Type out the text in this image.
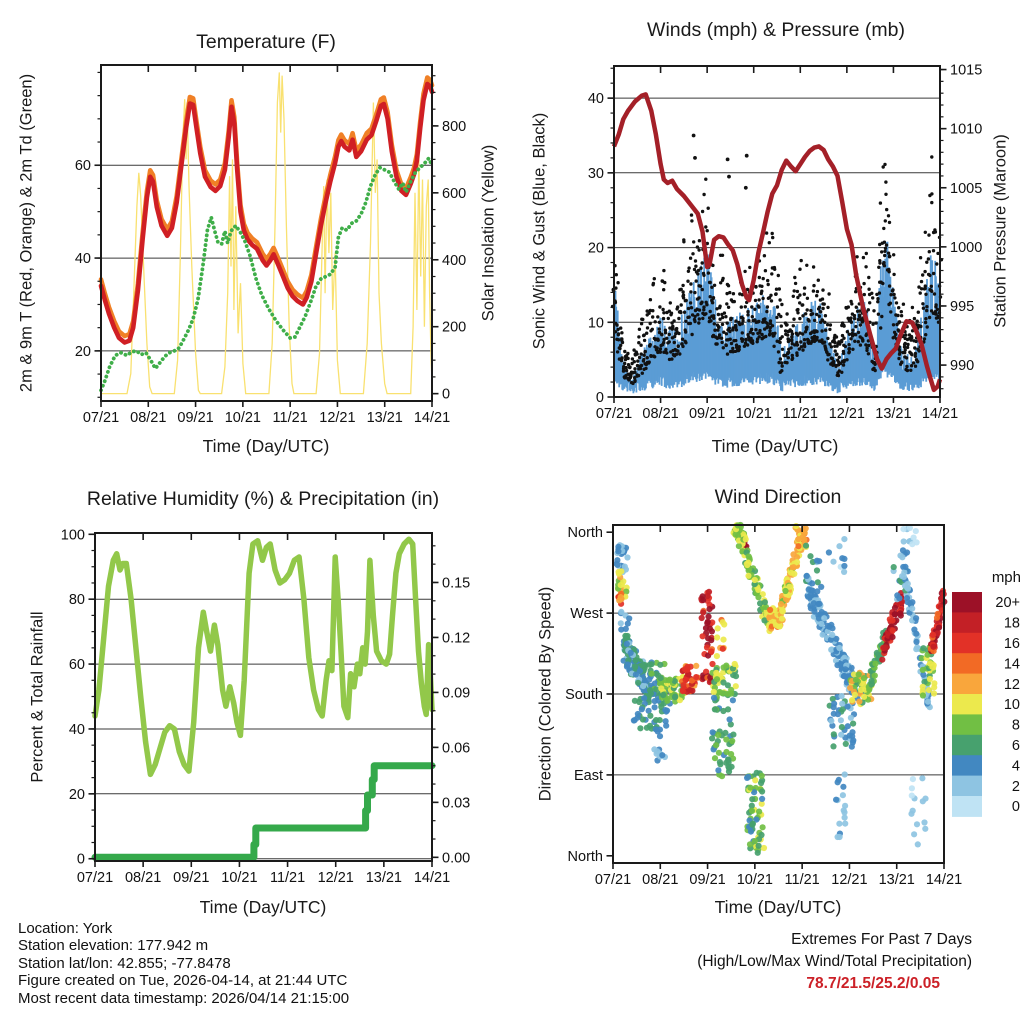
07/21 08/21 09/21 10/21 11/21 12/21 13/21 14/21
20
40
60
0
200
400
600
800
07/21 08/21 09/21 10/21 11/21 12/21 13/21 14/21
0
10
20
30
40
990
995
1000
1005
1010
1015
07/21 08/21 09/21 10/21 11/21 12/21 13/21 14/21
0
20
40
60
80
100
0.00
0.03
0.06
0.09
0.12
0.15
20+
18
16
14
12
10
8
6
4
2
0
mph
07/21 08/21 09/21 10/21 11/21 12/21 13/21 14/21
North
West
South
East
North
Temperature (F)
Winds (mph) & Pressure (mb)
Relative Humidity (%) & Precipitation (in)	Wind Direction
Time (Day/UTC)	Time (Day/UTC)
Time (Day/UTC)	Time (Day/UTC)
2m & 9m T (Red, Orange) & 2m Td (Green)	Solar Insolation (Yellow) Sonic Wind & Gust (Blue, Black)	Station Pressure (Maroon)
Percent & Total Rainfall	Direction (Colored By Speed)
Location: York
Station elevation: 177.942 m
Station lat/lon: 42.855; -77.8478
Figure created on Tue, 2026-04-14, at 21:44 UTC
Most recent data timestamp: 2026/04/14 21:15:00
Extremes For Past 7 Days
(High/Low/Max Wind/Total Precipitation)
78.7/21.5/25.2/0.05
